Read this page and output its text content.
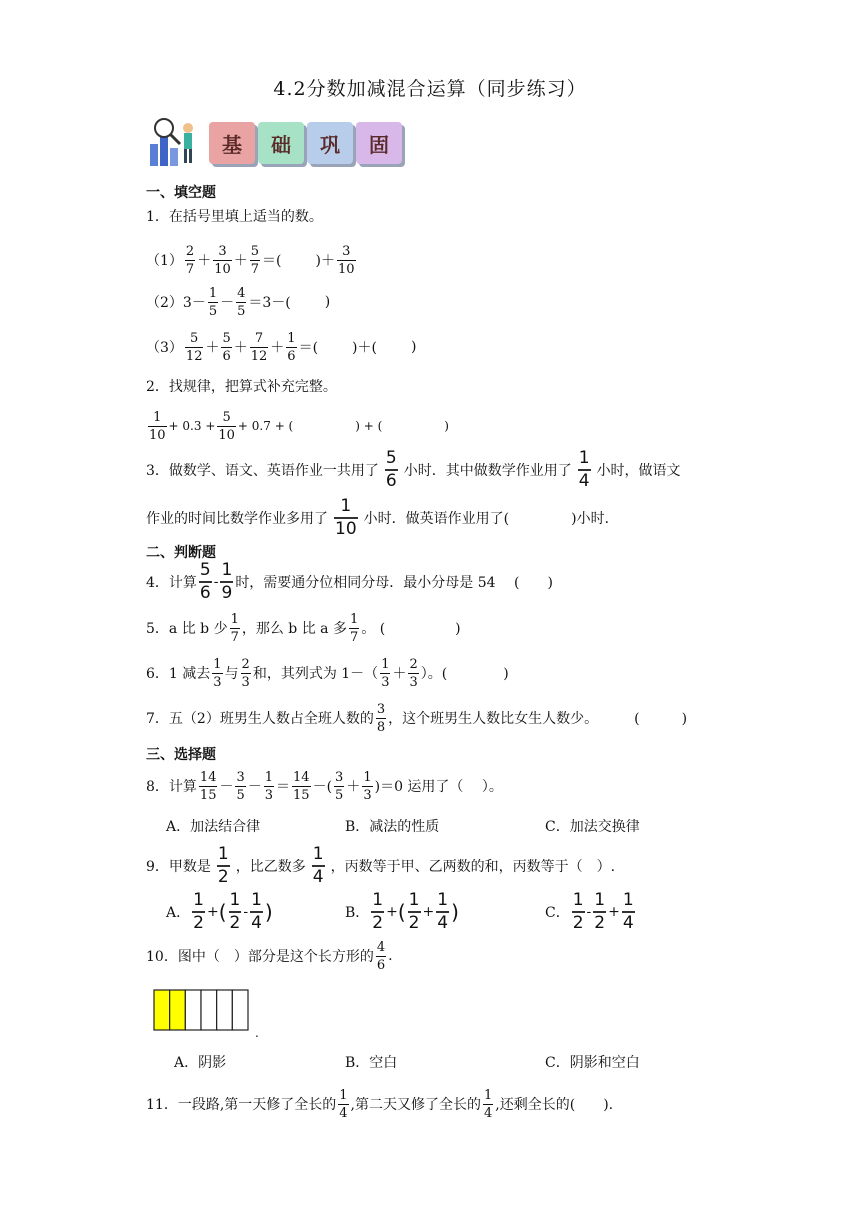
4.2分数加减混合运算（同步练习）
基	础	巩	固
一、填空题
1．在括号里填上适当的数。
$(1) \frac{2}{7} + \frac{3}{10} + \frac{5}{7}$ ＝( )＋ $\frac{3}{10}$
$(2)3- \frac{1}{5} - \frac{4}{5} =3-$( )
$(3) \frac{5}{12} + \frac{5}{6} + \frac{7}{12} + \frac{1}{6}$ ＝( )＋( )
2．找规律，把算式补充完整。
$\frac{1}{10} + 0.3 + \frac{5}{10} + 0.7$ + (	) + (	)
3．做数学、语文、英语作业一共用了 $\frac{5}{6}$ 小时．其中做数学作业用了 $\frac{1}{4}$ 小时，做语文
作业的时间比数学作业多用了 $\frac{1}{10}$ 小时．做英语作业用了(	)小时．
二、判断题
4．计算 $\frac{5}{6} - \frac{1}{9}$ 时，需要通分位相同分母．最小分母是 54 　(　　)
5．a 比 b 少 $\frac{1}{7}$ ，那么 b 比 a 多 $\frac{1}{7}$ 。 (　　　　　)
6．1 减去 $\frac{1}{3}$ 与 $\frac{2}{3}$ 和，其列式为 $1-( \frac{1}{3} + \frac{2}{3}$ ）。(　　　　)
7．五（2）班男生人数占全班人数的 $\frac{3}{8}$ ，这个班男生人数比女生人数少。	(　　　)
三、选择题
8．计算 $\frac{14}{15} - \frac{3}{5} - \frac{1}{3} = \frac{14}{15}$ －( $\frac{3}{5} + \frac{1}{3} )=0$ 运用了（　 ）。
A．加法结合律	B．减法的性质	C．加法交换律
9．甲数是 $\frac{1}{2}$ ，比乙数多 $\frac{1}{4}$ ，丙数等于甲、乙两数的和，丙数等于（　）.
A． $\frac{1}{2}$ + ( $\frac{1}{2} - \frac{1}{4}$ )	B． $\frac{1}{2}$ + ( $\frac{1}{2} + \frac{1}{4}$ )	C． $\frac{1}{2} - \frac{1}{2} + \frac{1}{4}$
10．图中（　）部分是这个长方形的 $\frac{4}{6}$ .
.
A．阴影	B．空白	C．阴影和空白
11．一段路,第一天修了全长的 $\frac{1}{4}$ ,第二天又修了全长的 $\frac{1}{4}$ ,还剩全长的(　　).
